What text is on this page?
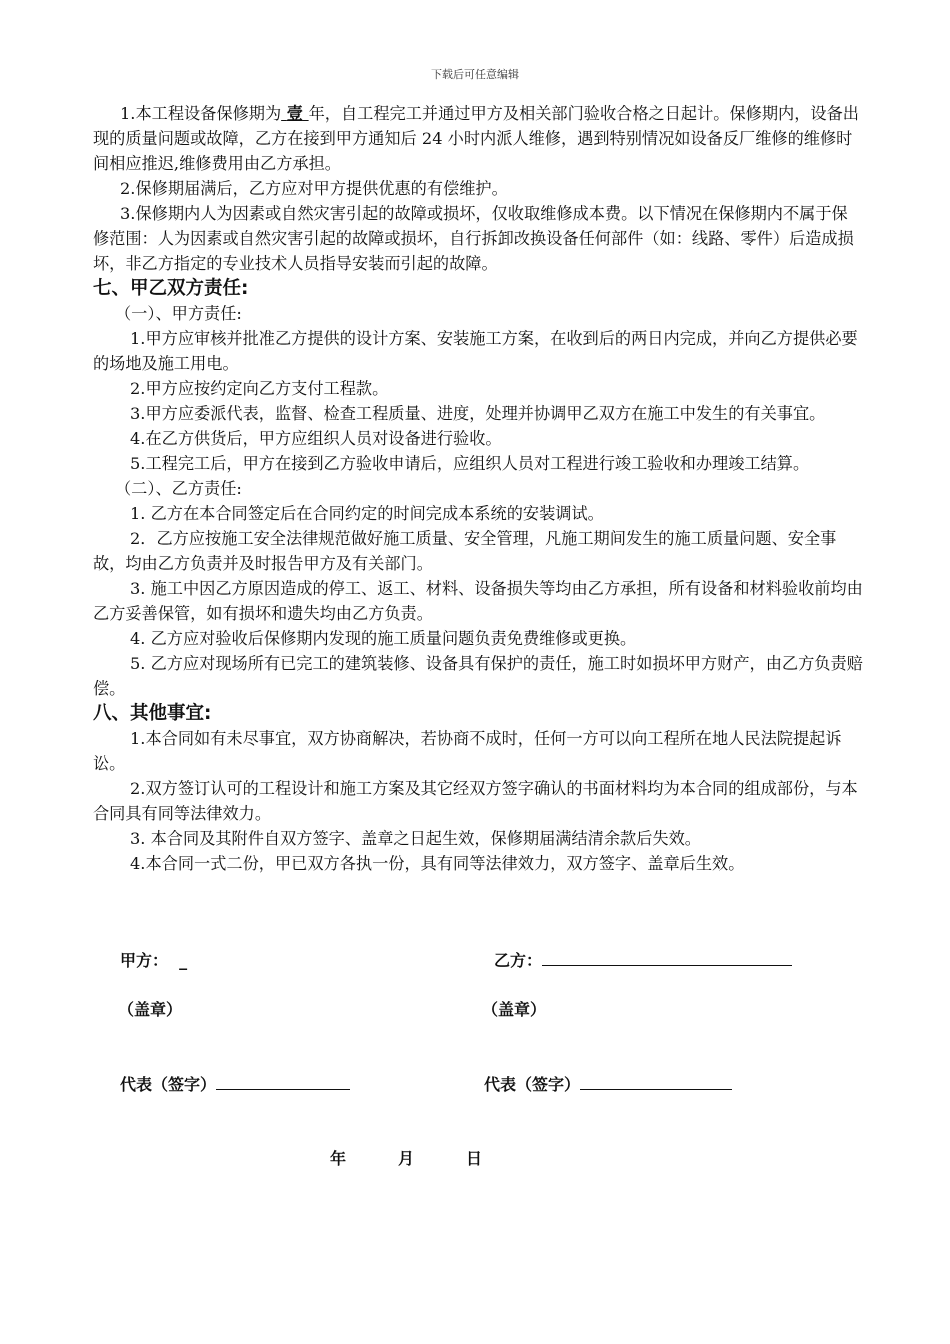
下载后可任意编辑

1.本工程设备保修期为 壹 年，自工程完工并通过甲方及相关部门验收合格之日起计。保修期内，设备出现的质量问题或故障，乙方在接到甲方通知后 24 小时内派人维修，遇到特别情况如设备反厂维修的维修时间相应推迟,维修费用由乙方承担。

2.保修期届满后，乙方应对甲方提供优惠的有偿维护。

3.保修期内人为因素或自然灾害引起的故障或损坏，仅收取维修成本费。以下情况在保修期内不属于保修范围：人为因素或自然灾害引起的故障或损坏，自行拆卸改换设备任何部件（如：线路、零件）后造成损坏，非乙方指定的专业技术人员指导安装而引起的故障。

七、甲乙双方责任:

（一）、甲方责任:

1.甲方应审核并批准乙方提供的设计方案、安装施工方案，在收到后的两日内完成，并向乙方提供必要的场地及施工用电。

2.甲方应按约定向乙方支付工程款。

3.甲方应委派代表，监督、检查工程质量、进度，处理并协调甲乙双方在施工中发生的有关事宜。

4.在乙方供货后，甲方应组织人员对设备进行验收。

5.工程完工后，甲方在接到乙方验收申请后，应组织人员对工程进行竣工验收和办理竣工结算。

（二）、乙方责任:

1. 乙方在本合同签定后在合同约定的时间完成本系统的安装调试。

2．乙方应按施工安全法律规范做好施工质量、安全管理，凡施工期间发生的施工质量问题、安全事故，均由乙方负责并及时报告甲方及有关部门。

3. 施工中因乙方原因造成的停工、返工、材料、设备损失等均由乙方承担，所有设备和材料验收前均由乙方妥善保管，如有损坏和遗失均由乙方负责。

4. 乙方应对验收后保修期内发现的施工质量问题负责免费维修或更换。

5. 乙方应对现场所有已完工的建筑装修、设备具有保护的责任，施工时如损坏甲方财产，由乙方负责赔偿。

八、其他事宜:

1.本合同如有未尽事宜，双方协商解决，若协商不成时，任何一方可以向工程所在地人民法院提起诉讼。

2.双方签订认可的工程设计和施工方案及其它经双方签字确认的书面材料均为本合同的组成部份，与本合同具有同等法律效力。

3. 本合同及其附件自双方签字、盖章之日起生效，保修期届满结清余款后失效。

4.本合同一式二份，甲已双方各执一份，具有同等法律效力，双方签字、盖章后生效。

甲方： _	乙方：
（盖章）	（盖章）
代表（签字）	代表（签字）
年	月	日
